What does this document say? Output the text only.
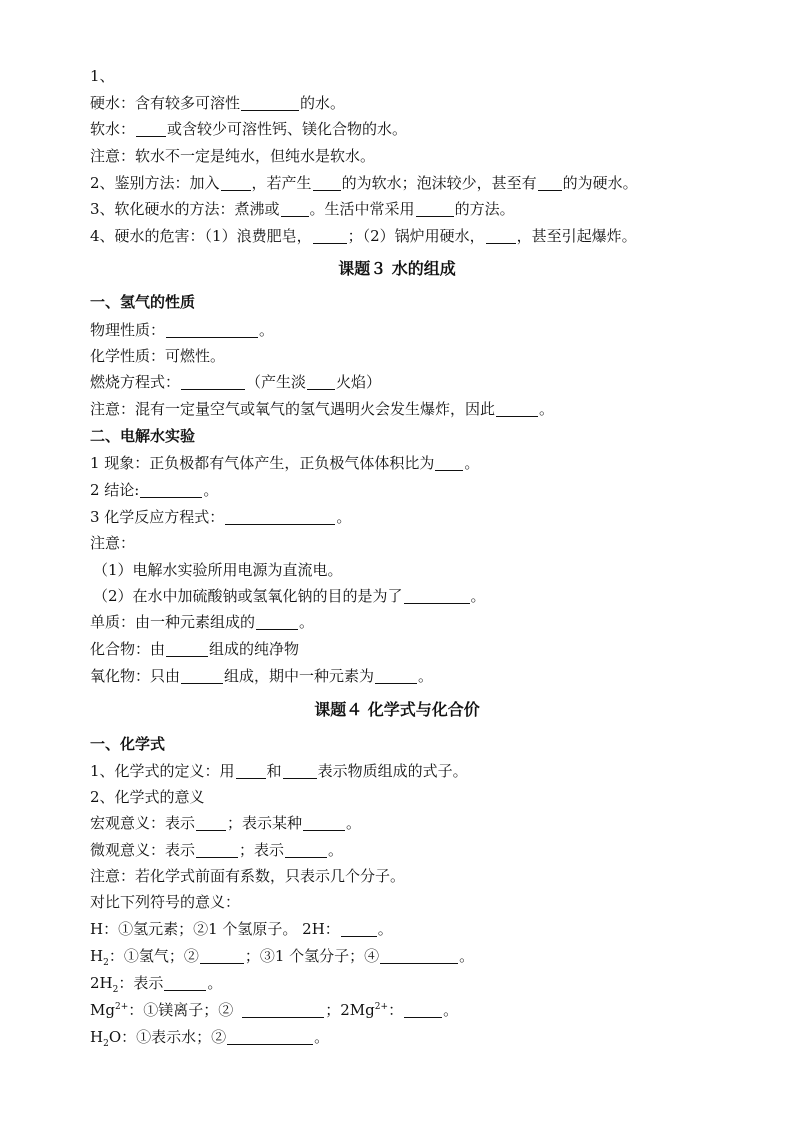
1、
硬水：含有较多可溶性	的水。
软水： 或含较少可溶性钙、镁化合物的水。
注意：软水不一定是纯水，但纯水是软水。
2、鉴别方法：加入 ，若产生 的为软水；泡沫较少，甚至有 的为硬水。
3、软化硬水的方法：煮沸或 。生活中常采用	的方法。
4、硬水的危害：（1）浪费肥皂， ；（2）锅炉用硬水， ，甚至引起爆炸。
课题３ 水的组成
一、氢气的性质
物理性质：	。
化学性质：可燃性。
燃烧方程式：	（产生淡 火焰）
注意：混有一定量空气或氧气的氢气遇明火会发生爆炸，因此	。
二、电解水实验
1 现象：正负极都有气体产生，正负极气体体积比为 。
2 结论:	。
3 化学反应方程式：	。
注意：
（1）电解水实验所用电源为直流电。
（2）在水中加硫酸钠或氢氧化钠的目的是为了	。
单质：由一种元素组成的	。
化合物：由	组成的纯净物
氧化物：只由	组成，期中一种元素为	。
课题４ 化学式与化合价
一、化学式
1、化学式的定义：用 和 表示物质组成的式子。
2、化学式的意义
宏观意义：表示 ；表示某种	。
微观意义：表示	；表示	。
注意：若化学式前面有系数，只表示几个分子。
对比下列符号的意义：
H：①氢元素；②1 个氢原子。 2H：	。
$H_2$：①氢气；②	；③1 个氢分子；④	。
$2H_2$：表示	。
$Mg^{2+}$：①镁离子；②	；$2Mg^{2+}$：	。
$H_2O$：①表示水；②	。
